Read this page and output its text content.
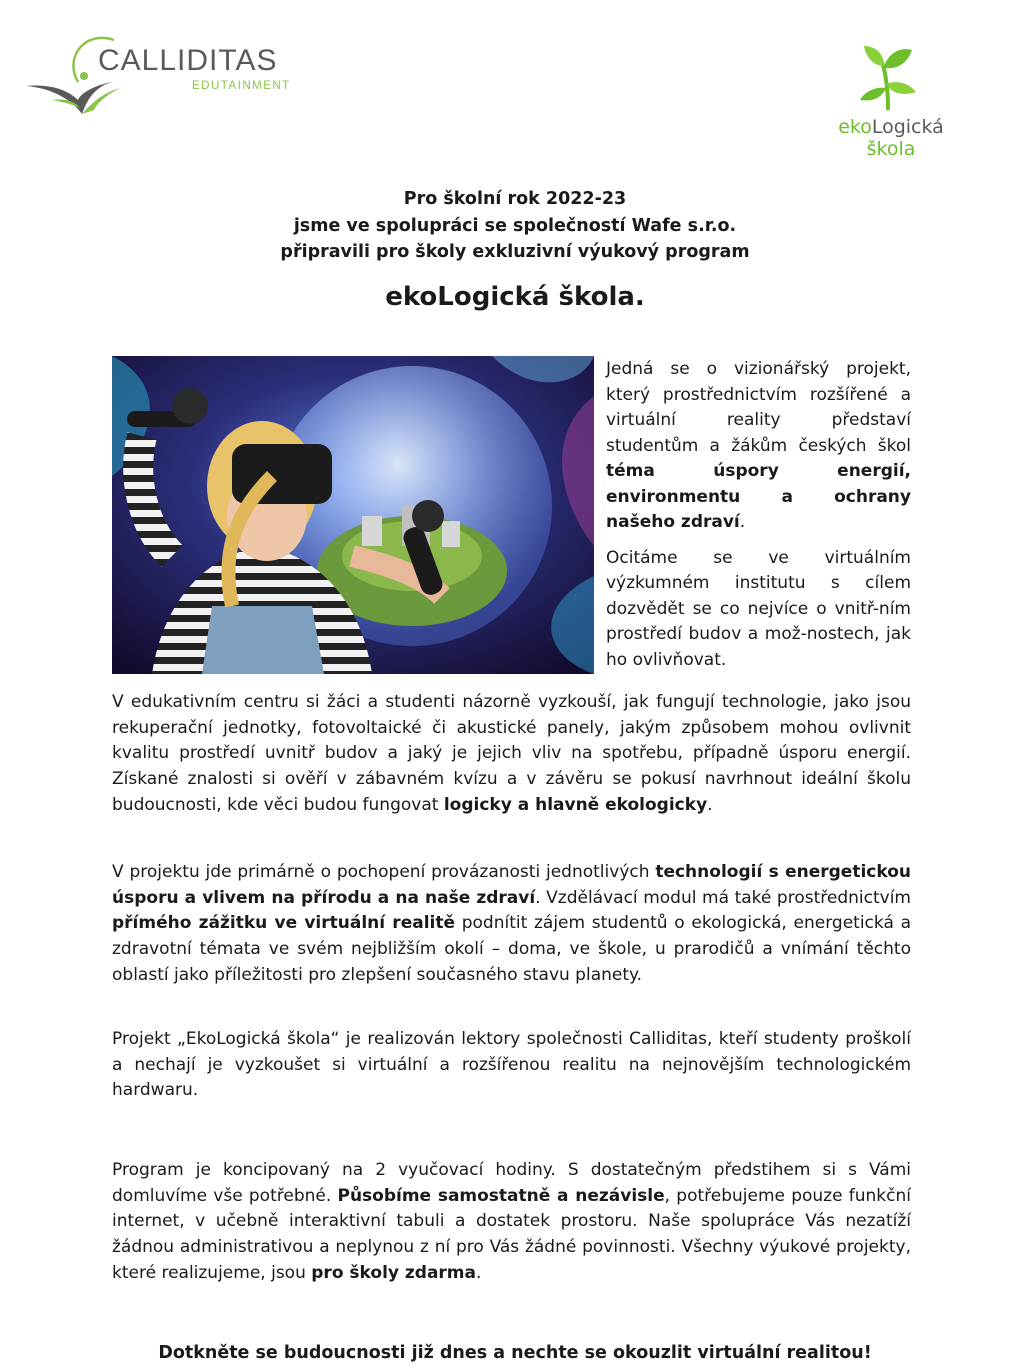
CALLIDITAS
EDUTAINMENT
ekoLogická
škola
Pro školní rok 2022-23
jsme ve spolupráci se společností Wafe s.r.o.
připravili pro školy exkluzivní výukový program
ekoLogická škola.

Jedná se o vizionářský projekt, který prostřednictvím rozšířené a virtuální reality představí studentům a žákům českých škol téma úspory energií, environmentu a ochrany našeho zdraví.

Ocitáme se ve virtuálním výzkumném institutu s cílem dozvědět se co nejvíce o vnitř-ním prostředí budov a mož-nostech, jak ho ovlivňovat.

V edukativním centru si žáci a studenti názorně vyzkouší, jak fungují technologie, jako jsou rekuperační jednotky, fotovoltaické či akustické panely, jakým způsobem mohou ovlivnit kvalitu prostředí uvnitř budov a jaký je jejich vliv na spotřebu, případně úsporu energií. Získané znalosti si ověří v zábavném kvízu a v závěru se pokusí navrhnout ideální školu budoucnosti, kde věci budou fungovat logicky a hlavně ekologicky.

V projektu jde primárně o pochopení provázanosti jednotlivých technologií s energetickou úsporu a vlivem na přírodu a na naše zdraví. Vzdělávací modul má také prostřednictvím přímého zážitku ve virtuální realitě podnítit zájem studentů o ekologická, energetická a zdravotní témata ve svém nejbližším okolí – doma, ve škole, u prarodičů a vnímání těchto oblastí jako příležitosti pro zlepšení současného stavu planety.

Projekt „EkoLogická škola“ je realizován lektory společnosti Calliditas, kteří studenty proškolí a nechají je vyzkoušet si virtuální a rozšířenou realitu na nejnovějším technologickém hardwaru.

Program je koncipovaný na 2 vyučovací hodiny. S dostatečným předstihem si s Vámi domluvíme vše potřebné. Působíme samostatně a nezávisle, potřebujeme pouze funkční internet, v učebně interaktivní tabuli a dostatek prostoru. Naše spolupráce Vás nezatíží žádnou administrativou a neplynou z ní pro Vás žádné povinnosti. Všechny výukové projekty, které realizujeme, jsou pro školy zdarma.

Dotkněte se budoucnosti již dnes a nechte se okouzlit virtuální realitou!
